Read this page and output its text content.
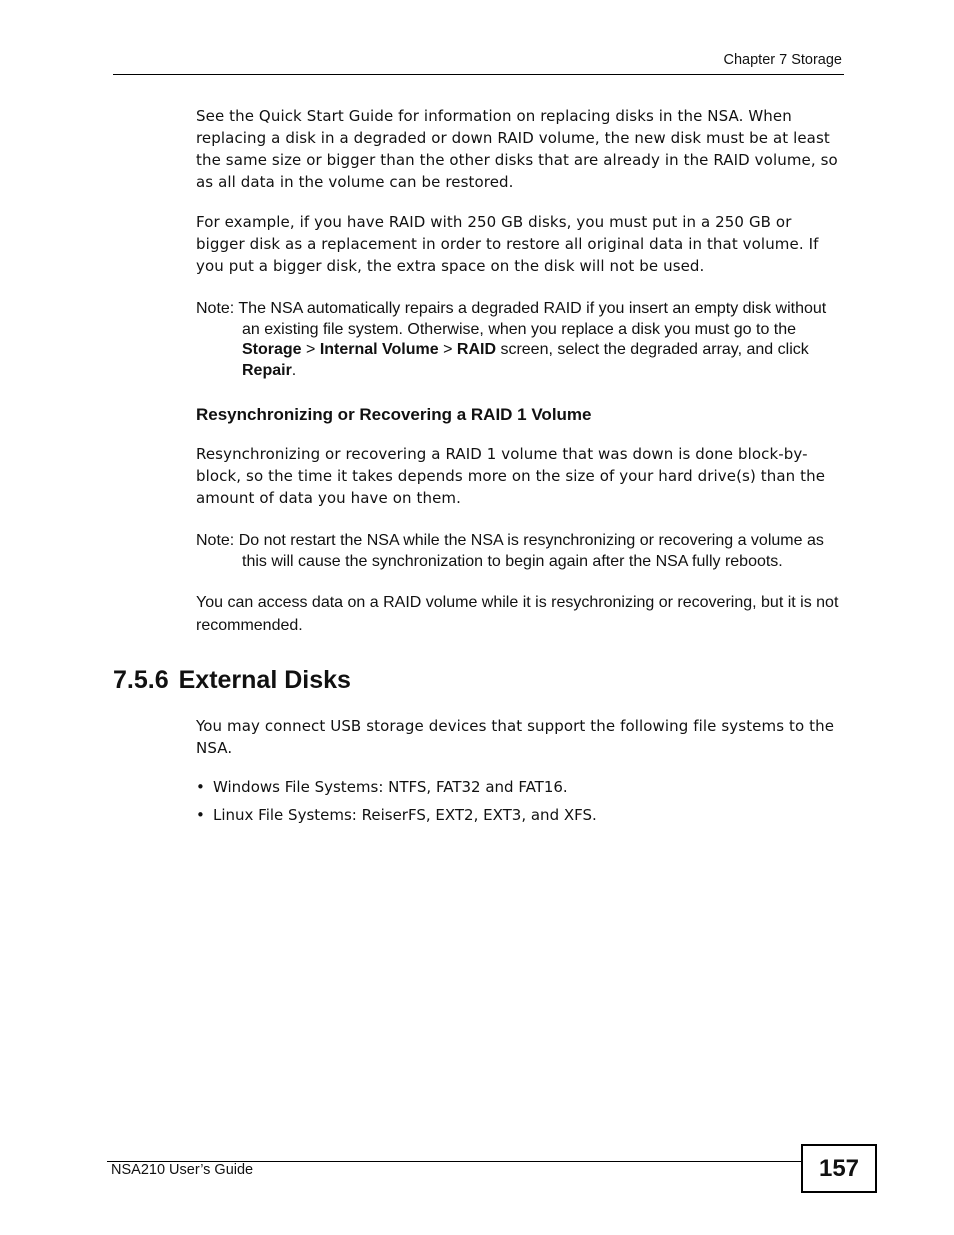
Chapter 7 Storage

See the Quick Start Guide for information on replacing disks in the NSA. When replacing a disk in a degraded or down RAID volume, the new disk must be at least the same size or bigger than the other disks that are already in the RAID volume, so as all data in the volume can be restored.

For example, if you have RAID with 250 GB disks, you must put in a 250 GB or bigger disk as a replacement in order to restore all original data in that volume. If you put a bigger disk, the extra space on the disk will not be used.

Note: The NSA automatically repairs a degraded RAID if you insert an empty disk without an existing file system. Otherwise, when you replace a disk you must go to the Storage > Internal Volume > RAID screen, select the degraded array, and click Repair.

Resynchronizing or Recovering a RAID 1 Volume

Resynchronizing or recovering a RAID 1 volume that was down is done block-by-block, so the time it takes depends more on the size of your hard drive(s) than the amount of data you have on them.

Note: Do not restart the NSA while the NSA is resynchronizing or recovering a volume as this will cause the synchronization to begin again after the NSA fully reboots.

You can access data on a RAID volume while it is resychronizing or recovering, but it is not recommended.

7.5.6 External Disks

You may connect USB storage devices that support the following file systems to the NSA.

• Windows File Systems: NTFS, FAT32 and FAT16.
• Linux File Systems: ReiserFS, EXT2, EXT3, and XFS.
NSA210 User’s Guide	157
